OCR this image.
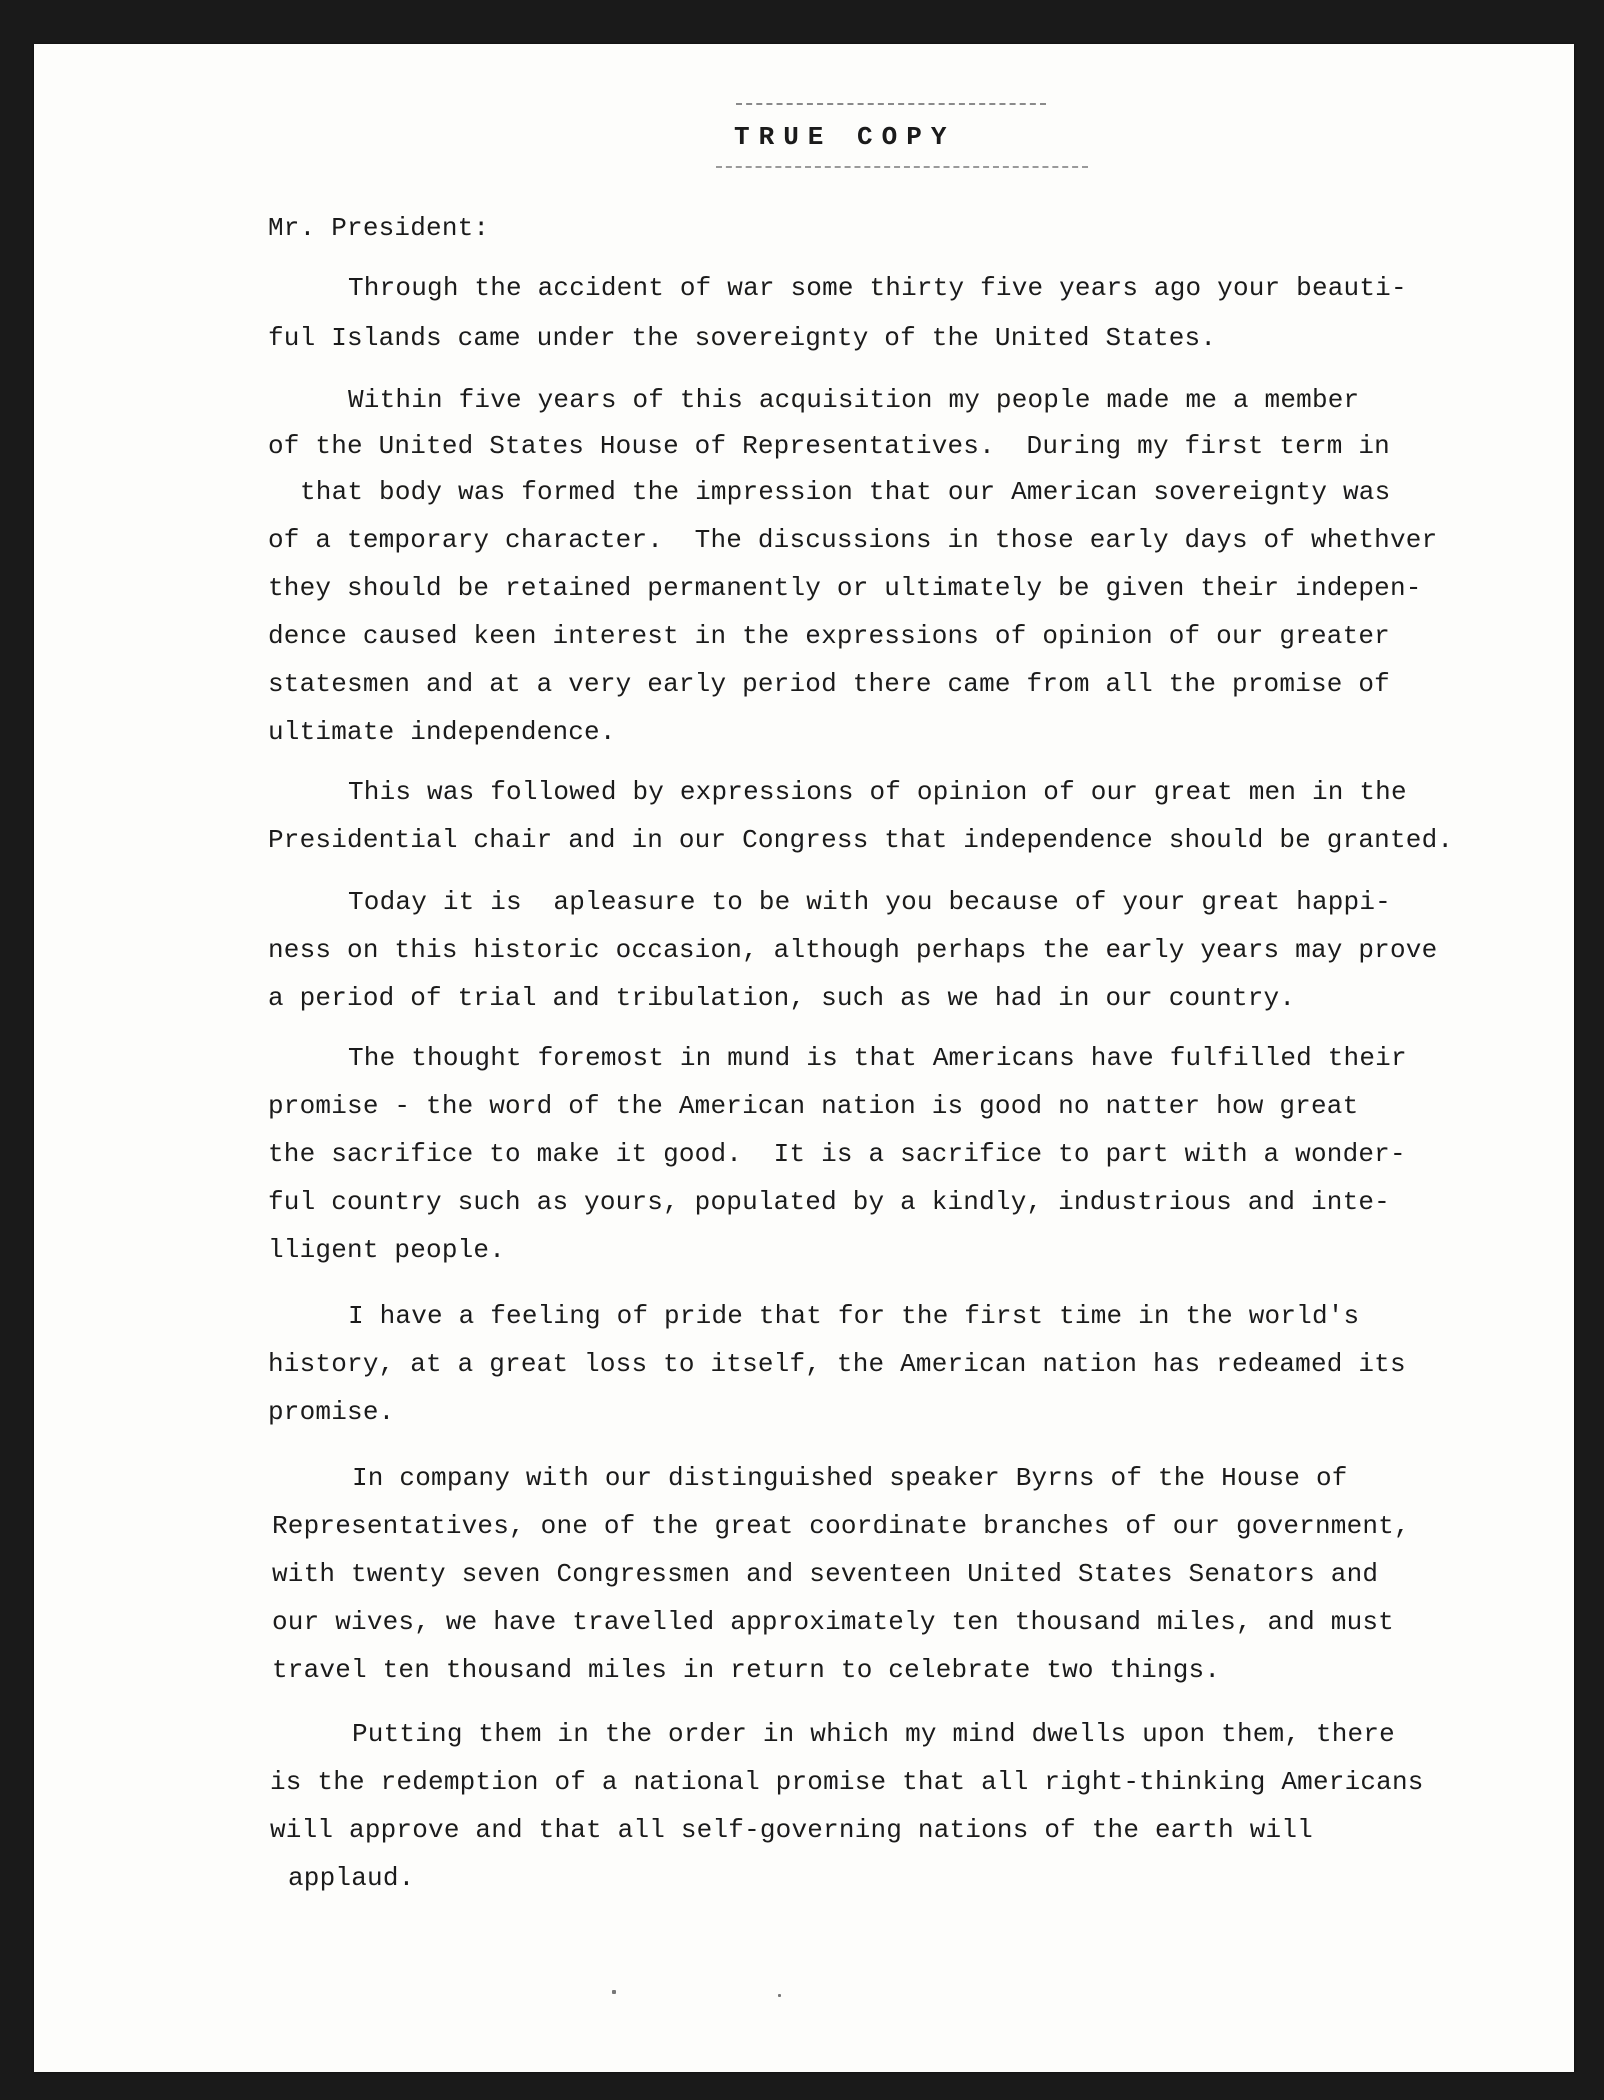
TRUE COPY
Mr. President:
Through the accident of war some thirty five years ago your beauti-
ful Islands came under the sovereignty of the United States.
Within five years of this acquisition my people made me a member
of the United States House of Representatives.  During my first term in
that body was formed the impression that our American sovereignty was
of a temporary character.  The discussions in those early days of whethver
they should be retained permanently or ultimately be given their indepen-
dence caused keen interest in the expressions of opinion of our greater
statesmen and at a very early period there came from all the promise of
ultimate independence.
This was followed by expressions of opinion of our great men in the
Presidential chair and in our Congress that independence should be granted.
Today it is  apleasure to be with you because of your great happi-
ness on this historic occasion, although perhaps the early years may prove
a period of trial and tribulation, such as we had in our country.
The thought foremost in mund is that Americans have fulfilled their
promise - the word of the American nation is good no natter how great
the sacrifice to make it good.  It is a sacrifice to part with a wonder-
ful country such as yours, populated by a kindly, industrious and inte-
lligent people.
I have a feeling of pride that for the first time in the world's
history, at a great loss to itself, the American nation has redeamed its
promise.
In company with our distinguished speaker Byrns of the House of
Representatives, one of the great coordinate branches of our government,
with twenty seven Congressmen and seventeen United States Senators and
our wives, we have travelled approximately ten thousand miles, and must
travel ten thousand miles in return to celebrate two things.
Putting them in the order in which my mind dwells upon them, there
is the redemption of a national promise that all right-thinking Americans
will approve and that all self-governing nations of the earth will
applaud.
